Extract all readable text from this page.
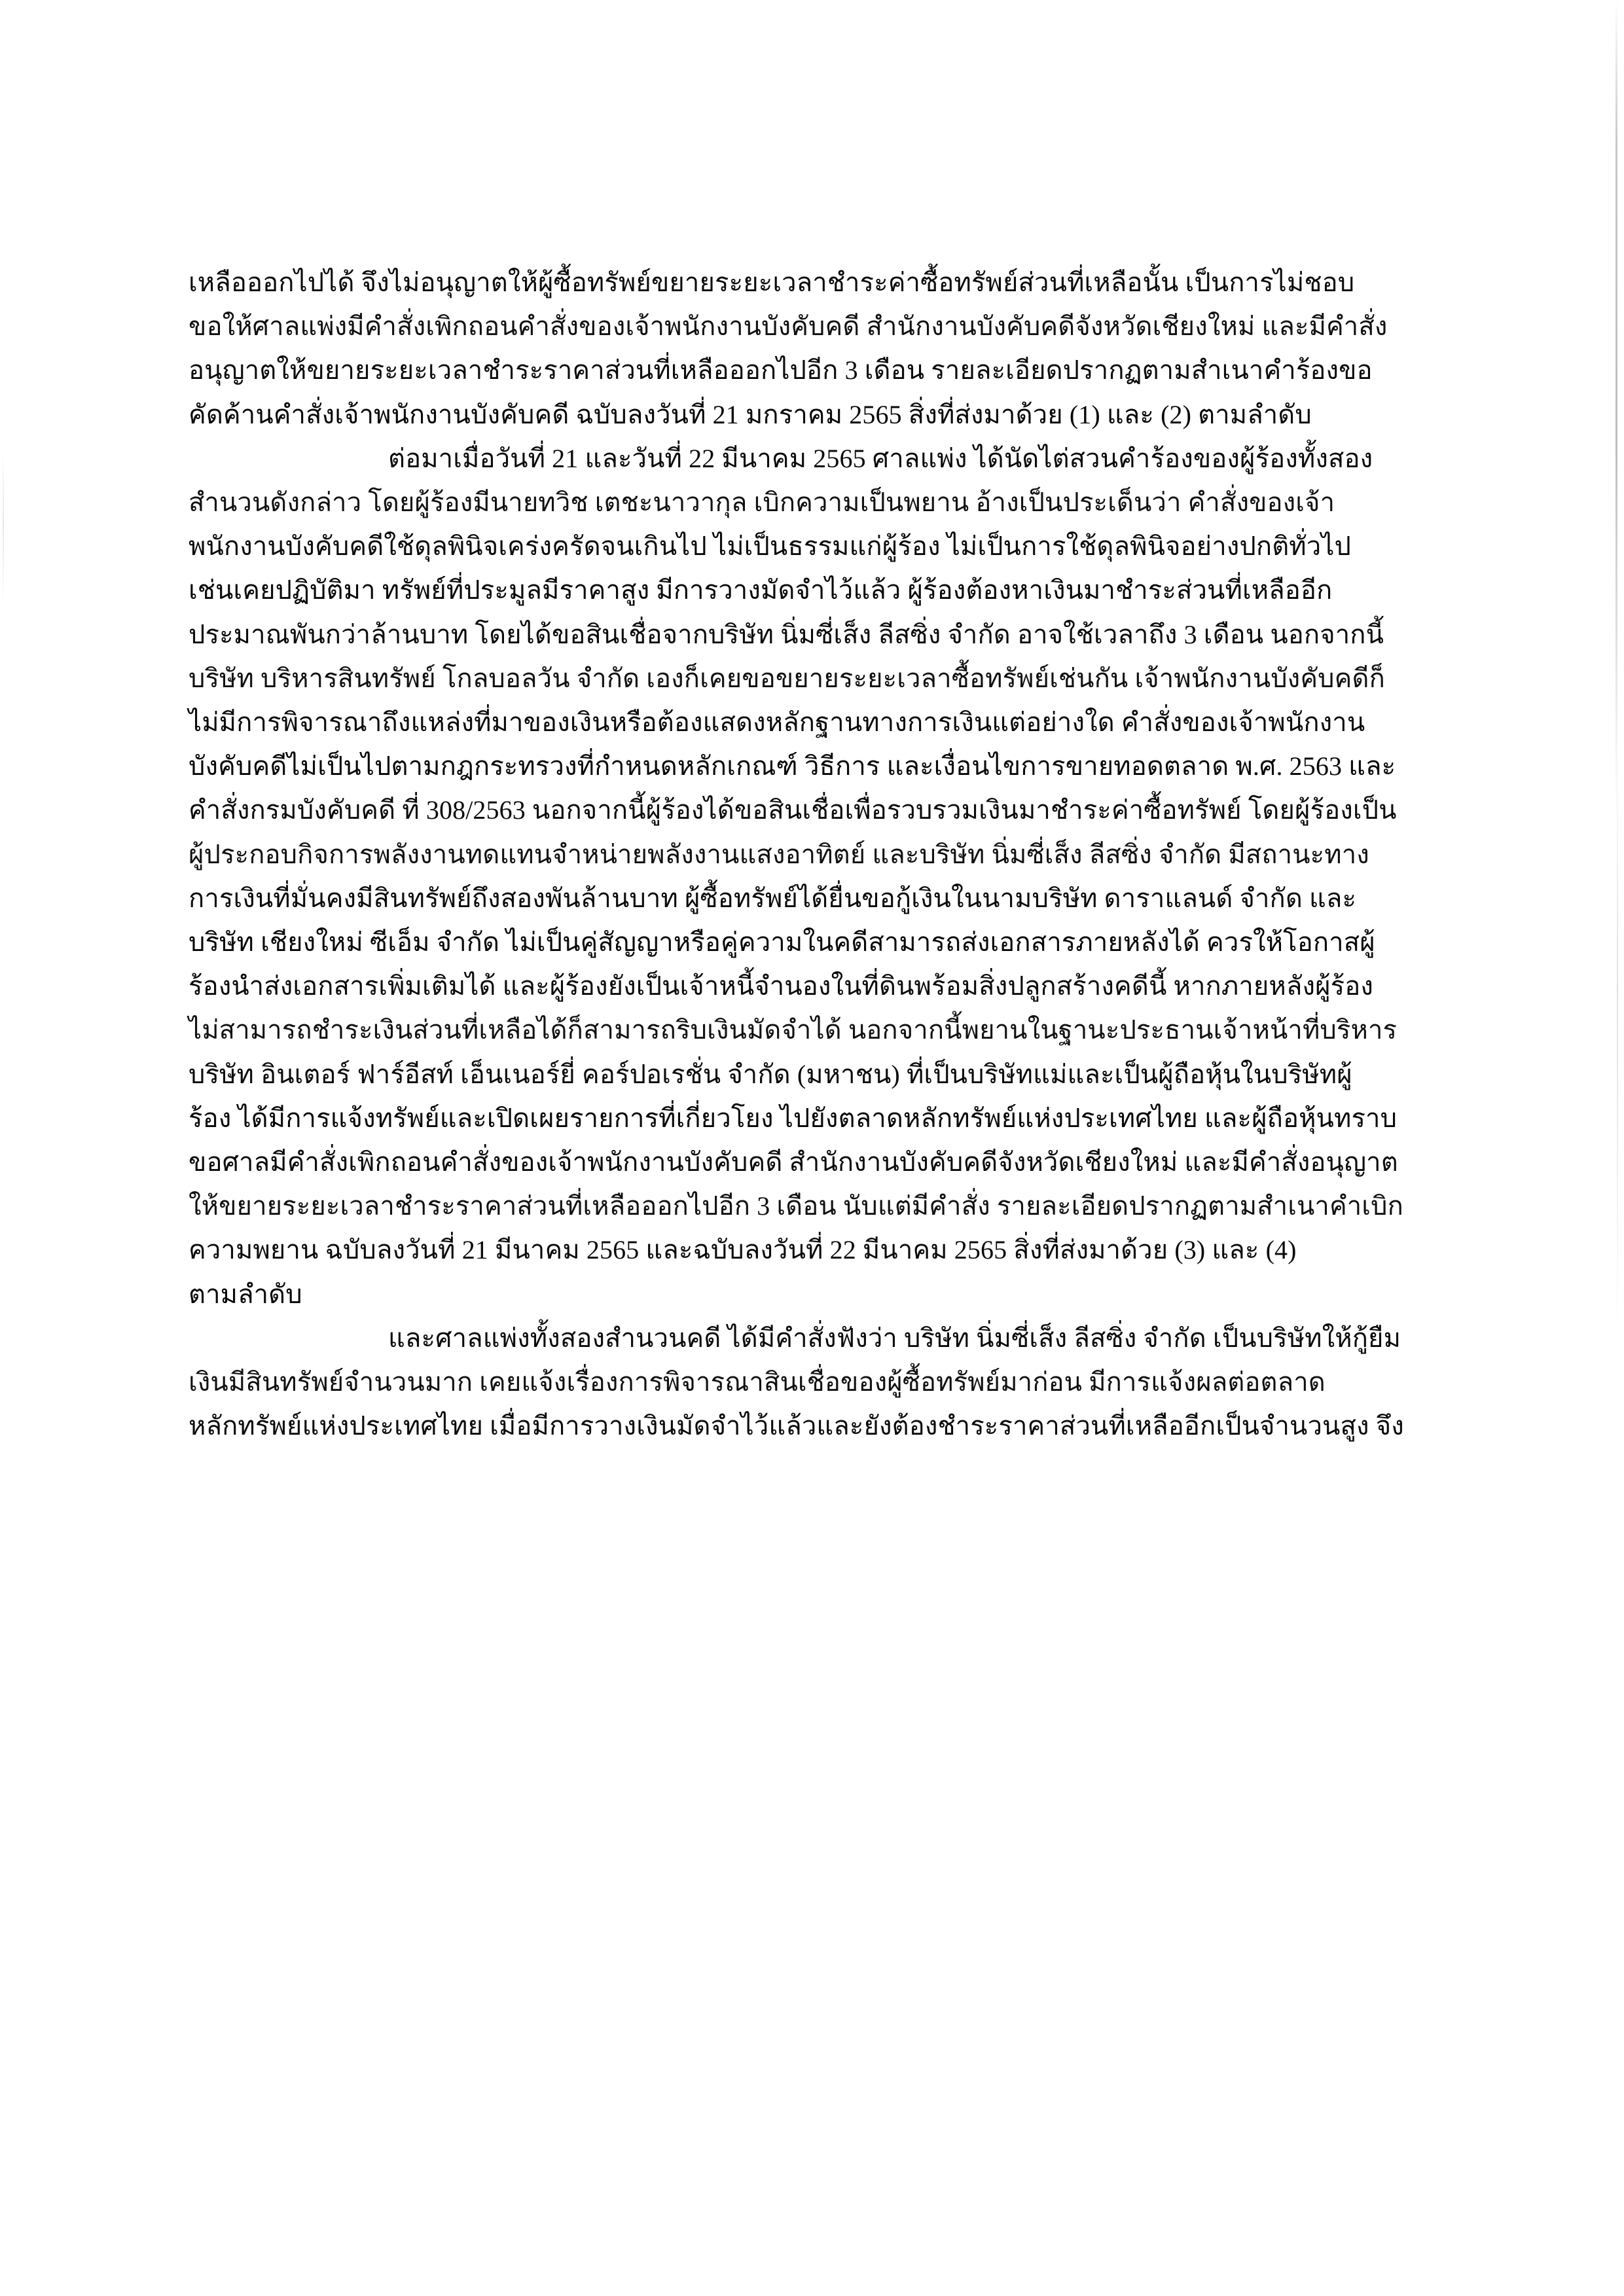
เหลือออกไปได้ จึงไม่อนุญาตให้ผู้ซื้อทรัพย์ขยายระยะเวลาชำระค่าซื้อทรัพย์ส่วนที่เหลือนั้น เป็นการไม่ชอบ
ขอให้ศาลแพ่งมีคำสั่งเพิกถอนคำสั่งของเจ้าพนักงานบังคับคดี สำนักงานบังคับคดีจังหวัดเชียงใหม่ และมีคำสั่ง
อนุญาตให้ขยายระยะเวลาชำระราคาส่วนที่เหลือออกไปอีก 3 เดือน รายละเอียดปรากฏตามสำเนาคำร้องขอ
คัดค้านคำสั่งเจ้าพนักงานบังคับคดี ฉบับลงวันที่ 21 มกราคม 2565 สิ่งที่ส่งมาด้วย (1) และ (2) ตามลำดับ
ต่อมาเมื่อวันที่ 21 และวันที่ 22 มีนาคม 2565 ศาลแพ่ง ได้นัดไต่สวนคำร้องของผู้ร้องทั้งสอง
สำนวนดังกล่าว โดยผู้ร้องมีนายทวิช เตชะนาวากุล เบิกความเป็นพยาน อ้างเป็นประเด็นว่า คำสั่งของเจ้า
พนักงานบังคับคดีใช้ดุลพินิจเคร่งครัดจนเกินไป ไม่เป็นธรรมแก่ผู้ร้อง ไม่เป็นการใช้ดุลพินิจอย่างปกติทั่วไป
เช่นเคยปฏิบัติมา ทรัพย์ที่ประมูลมีราคาสูง มีการวางมัดจำไว้แล้ว ผู้ร้องต้องหาเงินมาชำระส่วนที่เหลืออีก
ประมาณพันกว่าล้านบาท โดยได้ขอสินเชื่อจากบริษัท นิ่มซี่เส็ง ลีสซิ่ง จำกัด อาจใช้เวลาถึง 3 เดือน นอกจากนี้
บริษัท บริหารสินทรัพย์ โกลบอลวัน จำกัด เองก็เคยขอขยายระยะเวลาซื้อทรัพย์เช่นกัน เจ้าพนักงานบังคับคดีก็
ไม่มีการพิจารณาถึงแหล่งที่มาของเงินหรือต้องแสดงหลักฐานทางการเงินแต่อย่างใด คำสั่งของเจ้าพนักงาน
บังคับคดีไม่เป็นไปตามกฎกระทรวงที่กำหนดหลักเกณฑ์ วิธีการ และเงื่อนไขการขายทอดตลาด พ.ศ. 2563 และ
คำสั่งกรมบังคับคดี ที่ 308/2563 นอกจากนี้ผู้ร้องได้ขอสินเชื่อเพื่อรวบรวมเงินมาชำระค่าซื้อทรัพย์ โดยผู้ร้องเป็น
ผู้ประกอบกิจการพลังงานทดแทนจำหน่ายพลังงานแสงอาทิตย์ และบริษัท นิ่มซี่เส็ง ลีสซิ่ง จำกัด มีสถานะทาง
การเงินที่มั่นคงมีสินทรัพย์ถึงสองพันล้านบาท ผู้ซื้อทรัพย์ได้ยื่นขอกู้เงินในนามบริษัท ดาราแลนด์ จำกัด และ
บริษัท เชียงใหม่ ซีเอ็ม จำกัด ไม่เป็นคู่สัญญาหรือคู่ความในคดีสามารถส่งเอกสารภายหลังได้ ควรให้โอกาสผู้
ร้องนำส่งเอกสารเพิ่มเติมได้ และผู้ร้องยังเป็นเจ้าหนี้จำนองในที่ดินพร้อมสิ่งปลูกสร้างคดีนี้ หากภายหลังผู้ร้อง
ไม่สามารถชำระเงินส่วนที่เหลือได้ก็สามารถริบเงินมัดจำได้ นอกจากนี้พยานในฐานะประธานเจ้าหน้าที่บริหาร
บริษัท อินเตอร์ ฟาร์อีสท์ เอ็นเนอร์ยี่ คอร์ปอเรชั่น จำกัด (มหาชน) ที่เป็นบริษัทแม่และเป็นผู้ถือหุ้นในบริษัทผู้
ร้อง ได้มีการแจ้งทรัพย์และเปิดเผยรายการที่เกี่ยวโยง ไปยังตลาดหลักทรัพย์แห่งประเทศไทย และผู้ถือหุ้นทราบ
ขอศาลมีคำสั่งเพิกถอนคำสั่งของเจ้าพนักงานบังคับคดี สำนักงานบังคับคดีจังหวัดเชียงใหม่ และมีคำสั่งอนุญาต
ให้ขยายระยะเวลาชำระราคาส่วนที่เหลือออกไปอีก 3 เดือน นับแต่มีคำสั่ง รายละเอียดปรากฏตามสำเนาคำเบิก
ความพยาน ฉบับลงวันที่ 21 มีนาคม 2565 และฉบับลงวันที่ 22 มีนาคม 2565 สิ่งที่ส่งมาด้วย (3) และ (4)
ตามลำดับ
และศาลแพ่งทั้งสองสำนวนคดี ได้มีคำสั่งฟังว่า บริษัท นิ่มซี่เส็ง ลีสซิ่ง จำกัด เป็นบริษัทให้กู้ยืม
เงินมีสินทรัพย์จำนวนมาก เคยแจ้งเรื่องการพิจารณาสินเชื่อของผู้ซื้อทรัพย์มาก่อน มีการแจ้งผลต่อตลาด
หลักทรัพย์แห่งประเทศไทย เมื่อมีการวางเงินมัดจำไว้แล้วและยังต้องชำระราคาส่วนที่เหลืออีกเป็นจำนวนสูง จึง
